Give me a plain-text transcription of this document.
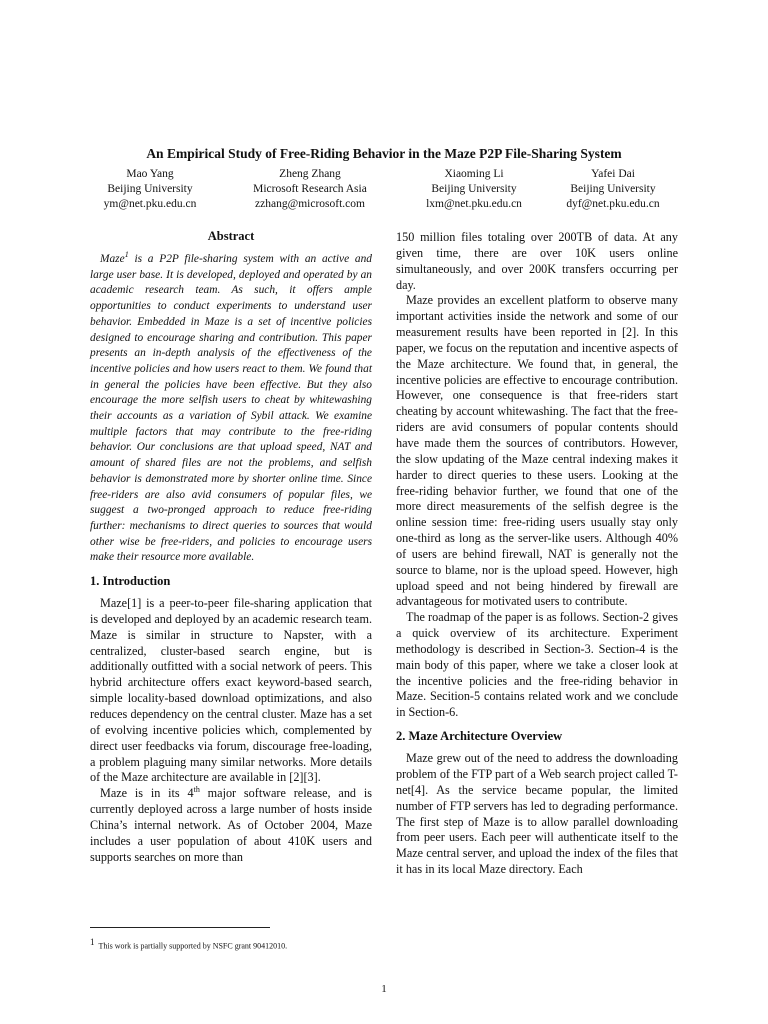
An Empirical Study of Free-Riding Behavior in the Maze P2P File-Sharing System
Mao Yang
Beijing University
ym@net.pku.edu.cn
Zheng Zhang
Microsoft Research Asia
zzhang@microsoft.com
Xiaoming Li
Beijing University
lxm@net.pku.edu.cn
Yafei Dai
Beijing University
dyf@net.pku.edu.cn
Abstract

Maze$^1$ is a P2P file-sharing system with an active and large user base. It is developed, deployed and operated by an academic research team. As such, it offers ample opportunities to conduct experiments to understand user behavior. Embedded in Maze is a set of incentive policies designed to encourage sharing and contribution. This paper presents an in-depth analysis of the effectiveness of the incentive policies and how users react to them. We found that in general the policies have been effective. But they also encourage the more selfish users to cheat by whitewashing their accounts as a variation of Sybil attack. We examine multiple factors that may contribute to the free-riding behavior. Our conclusions are that upload speed, NAT and amount of shared files are not the problems, and selfish behavior is demonstrated more by shorter online time. Since free-riders are also avid consumers of popular files, we suggest a two-pronged approach to reduce free-riding further: mechanisms to direct queries to sources that would other wise be free-riders, and policies to encourage users make their resource more available.

1. Introduction

Maze[1] is a peer-to-peer file-sharing application that is developed and deployed by an academic research team. Maze is similar in structure to Napster, with a centralized, cluster-based search engine, but is additionally outfitted with a social network of peers. This hybrid architecture offers exact keyword-based search, simple locality-based download optimizations, and also reduces dependency on the central cluster. Maze has a set of evolving incentive policies which, complemented by direct user feedbacks via forum, discourage free-loading, a problem plaguing many similar networks. More details of the Maze architecture are available in [2][3].

Maze is in its 4th major software release, and is currently deployed across a large number of hosts inside China’s internal network. As of October 2004, Maze includes a user population of about 410K users and supports searches on more than

150 million files totaling over 200TB of data. At any given time, there are over 10K users online simultaneously, and over 200K transfers occurring per day.

Maze provides an excellent platform to observe many important activities inside the network and some of our measurement results have been reported in [2]. In this paper, we focus on the reputation and incentive aspects of the Maze architecture. We found that, in general, the incentive policies are effective to encourage contribution. However, one consequence is that free-riders start cheating by account whitewashing. The fact that the free-riders are avid consumers of popular contents should have made them the sources of contributors. However, the slow updating of the Maze central indexing makes it harder to direct queries to these users. Looking at the free-riding behavior further, we found that one of the more direct measurements of the selfish degree is the online session time: free-riding users usually stay only one-third as long as the server-like users. Although 40% of users are behind firewall, NAT is generally not the source to blame, nor is the upload speed. However, high upload speed and not being hindered by firewall are advantageous for motivated users to contribute.

The roadmap of the paper is as follows. Section-2 gives a quick overview of its architecture. Experiment methodology is described in Section-3. Section-4 is the main body of this paper, where we take a closer look at the incentive policies and the free-riding behavior in Maze. Secition-5 contains related work and we conclude in Section-6.

2. Maze Architecture Overview

Maze grew out of the need to address the downloading problem of the FTP part of a Web search project called T-net[4]. As the service became popular, the limited number of FTP servers has led to degrading performance. The first step of Maze is to allow parallel downloading from peer users. Each peer will authenticate itself to the Maze central server, and upload the index of the files that it has in its local Maze directory. Each

1 This work is partially supported by NSFC grant 90412010.
1
